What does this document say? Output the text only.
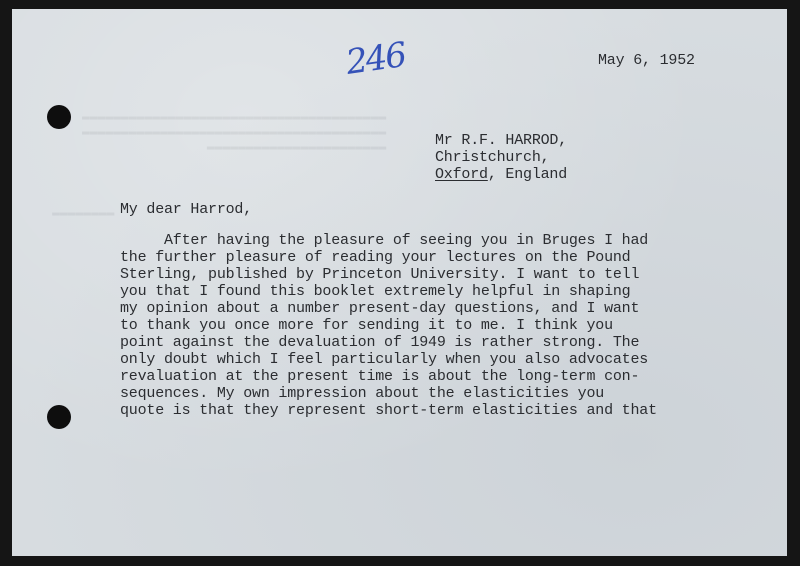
▬▬▬▬▬▬▬▬▬▬▬▬▬▬▬▬▬▬▬▬▬▬▬▬▬▬▬▬▬▬▬▬▬▬▬▬▬▬▬
▬▬▬▬▬▬▬▬▬▬▬▬▬▬▬▬▬▬▬▬▬▬▬▬▬▬▬▬▬▬▬▬▬▬▬▬▬▬▬
▬▬▬▬▬▬▬▬▬▬▬▬▬▬▬▬▬▬▬▬▬▬▬
▬▬▬▬▬▬▬▬
246	May 6, 1952
Mr R.F. HARROD,
Christchurch,
Oxford, England
My dear Harrod,
After having the pleasure of seeing you in Bruges I had
the further pleasure of reading your lectures on the Pound
Sterling, published by Princeton University. I want to tell
you that I found this booklet extremely helpful in shaping
my opinion about a number present-day questions, and I want
to thank you once more for sending it to me. I think you
point against the devaluation of 1949 is rather strong. The
only doubt which I feel particularly when you also advocates
revaluation at the present time is about the long-term con-
sequences. My own impression about the elasticities you
quote is that they represent short-term elasticities and that
